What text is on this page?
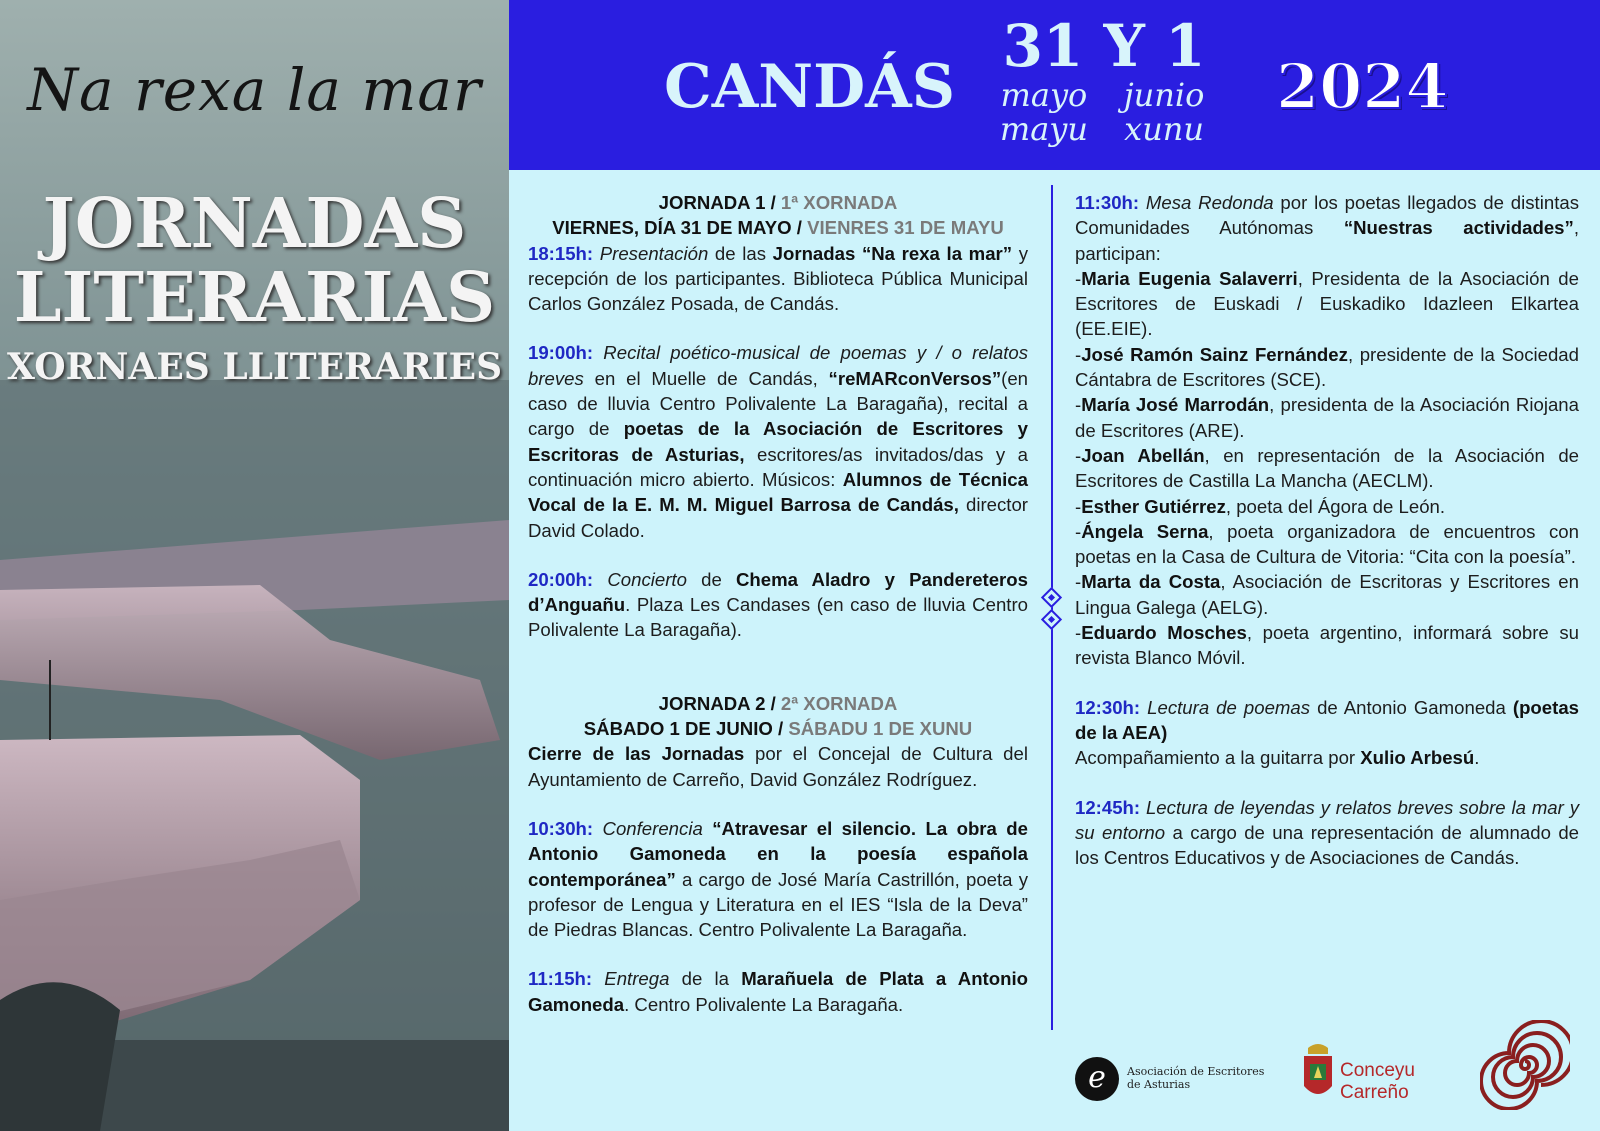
Na rexa la mar
JORNADAS
LITERARIAS
XORNAES LLITERARIES
CANDÁS
31 Y 1
mayo junio
mayu xunu
2024

JORNADA 1 / 1ª XORNADA

VIERNES, DÍA 31 DE MAYO / VIENRES 31 DE MAYU

18:15h: Presentación de las Jornadas “Na rexa la mar” y recepción de los participantes. Biblioteca Pública Municipal Carlos González Posada, de Candás.

19:00h: Recital poético-musical de poemas y / o relatos breves en el Muelle de Candás, “reMARconVersos”(en caso de lluvia Centro Polivalente La Baragaña), recital a cargo de poetas de la Asociación de Escritores y Escritoras de Asturias, escritores/as invitados/das y a continuación micro abierto. Músicos: Alumnos de Técnica Vocal de la E. M. M. Miguel Barrosa de Candás, director David Colado.

20:00h: Concierto de Chema Aladro y Pandereteros d’Anguañu. Plaza Les Candases (en caso de lluvia Centro Polivalente La Baragaña).

JORNADA 2 / 2ª XORNADA

SÁBADO 1 DE JUNIO / SÁBADU 1 DE XUNU

Cierre de las Jornadas por el Concejal de Cultura del Ayuntamiento de Carreño, David González Rodríguez.

10:30h: Conferencia “Atravesar el silencio. La obra de Antonio Gamoneda en la poesía española contemporánea” a cargo de José María Castrillón, poeta y profesor de Lengua y Literatura en el IES “Isla de la Deva” de Piedras Blancas. Centro Polivalente La Baragaña.

11:15h: Entrega de la Marañuela de Plata a Antonio Gamoneda. Centro Polivalente La Baragaña.

11:30h: Mesa Redonda por los poetas llegados de distintas Comunidades Autónomas “Nuestras actividades”, participan:

-Maria Eugenia Salaverri, Presidenta de la Asociación de Escritores de Euskadi / Euskadiko Idazleen Elkartea (EE.EIE).

-José Ramón Sainz Fernández, presidente de la Sociedad Cántabra de Escritores (SCE).

-María José Marrodán, presidenta de la Asociación Riojana de Escritores (ARE).

-Joan Abellán, en representación de la Asociación de Escritores de Castilla La Mancha (AECLM).

-Esther Gutiérrez, poeta del Ágora de León.

-Ángela Serna, poeta organizadora de encuentros con poetas en la Casa de Cultura de Vitoria: “Cita con la poesía”.

-Marta da Costa, Asociación de Escritoras y Escritores en Lingua Galega (AELG).

-Eduardo Mosches, poeta argentino, informará sobre su revista Blanco Móvil.

12:30h: Lectura de poemas de Antonio Gamoneda (poetas de la AEA)
Acompañamiento a la guitarra por Xulio Arbesú.

12:45h: Lectura de leyendas y relatos breves sobre la mar y su entorno a cargo de una representación de alumnado de los Centros Educativos y de Asociaciones de Candás.

e	Asociación de Escritores
de Asturias
Conceyu
Carreño
